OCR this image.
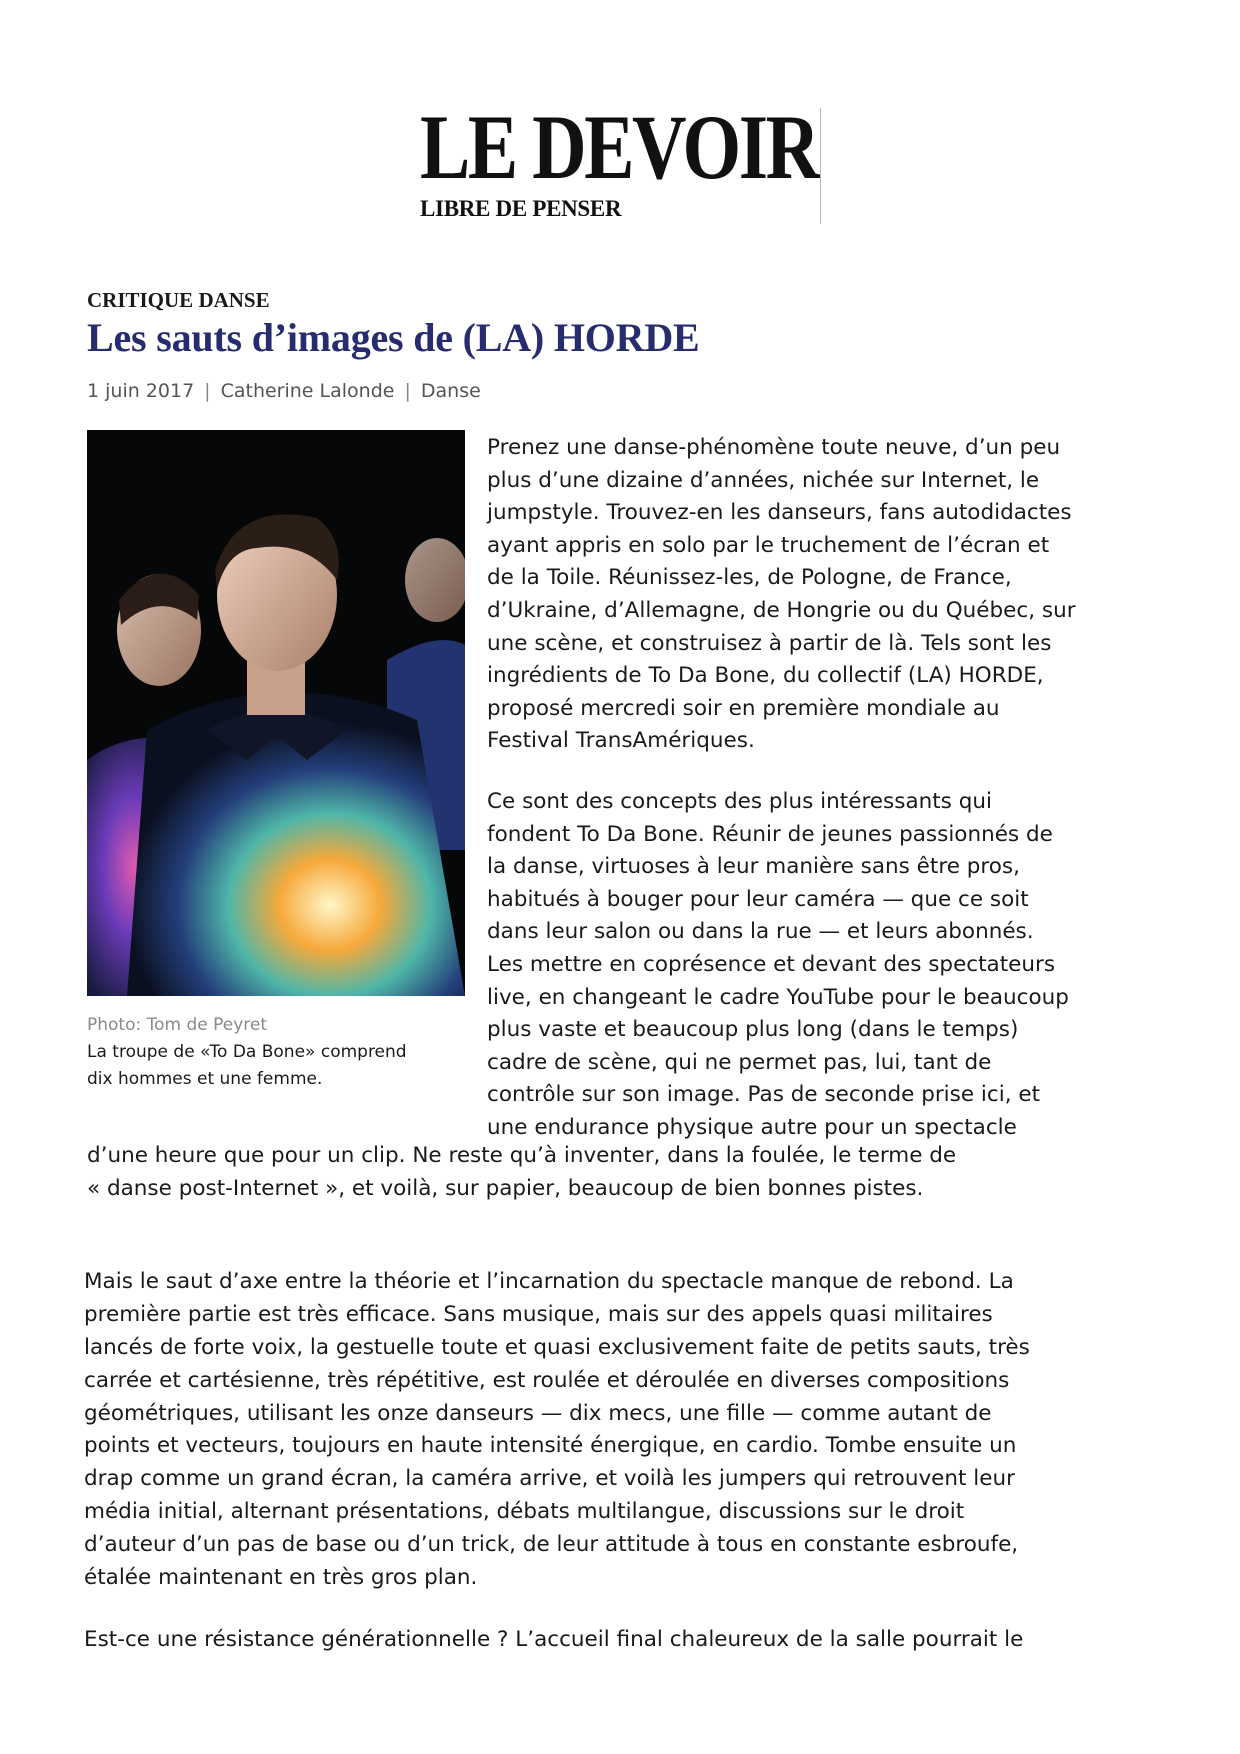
LE DEVOIR
LIBRE DE PENSER
CRITIQUE DANSE
Les sauts d’images de (LA) HORDE
1 juin 2017 | Catherine Lalonde | Danse
Photo: Tom de Peyret
La troupe de «To Da Bone» comprend
dix hommes et une femme.
Prenez une danse-phénomène toute neuve, d’un peu
plus d’une dizaine d’années, nichée sur Internet, le
jumpstyle. Trouvez-en les danseurs, fans autodidactes
ayant appris en solo par le truchement de l’écran et
de la Toile. Réunissez-les, de Pologne, de France,
d’Ukraine, d’Allemagne, de Hongrie ou du Québec, sur
une scène, et construisez à partir de là. Tels sont les
ingrédients de To Da Bone, du collectif (LA) HORDE,
proposé mercredi soir en première mondiale au
Festival TransAmériques.
Ce sont des concepts des plus intéressants qui
fondent To Da Bone. Réunir de jeunes passionnés de
la danse, virtuoses à leur manière sans être pros,
habitués à bouger pour leur caméra — que ce soit
dans leur salon ou dans la rue — et leurs abonnés.
Les mettre en coprésence et devant des spectateurs
live, en changeant le cadre YouTube pour le beaucoup
plus vaste et beaucoup plus long (dans le temps)
cadre de scène, qui ne permet pas, lui, tant de
contrôle sur son image. Pas de seconde prise ici, et
une endurance physique autre pour un spectacle
d’une heure que pour un clip. Ne reste qu’à inventer, dans la foulée, le terme de
« danse post-Internet », et voilà, sur papier, beaucoup de bien bonnes pistes.
Mais le saut d’axe entre la théorie et l’incarnation du spectacle manque de rebond. La
première partie est très efficace. Sans musique, mais sur des appels quasi militaires
lancés de forte voix, la gestuelle toute et quasi exclusivement faite de petits sauts, très
carrée et cartésienne, très répétitive, est roulée et déroulée en diverses compositions
géométriques, utilisant les onze danseurs — dix mecs, une fille — comme autant de
points et vecteurs, toujours en haute intensité énergique, en cardio. Tombe ensuite un
drap comme un grand écran, la caméra arrive, et voilà les jumpers qui retrouvent leur
média initial, alternant présentations, débats multilangue, discussions sur le droit
d’auteur d’un pas de base ou d’un trick, de leur attitude à tous en constante esbroufe,
étalée maintenant en très gros plan.
Est-ce une résistance générationnelle ? L’accueil final chaleureux de la salle pourrait le
